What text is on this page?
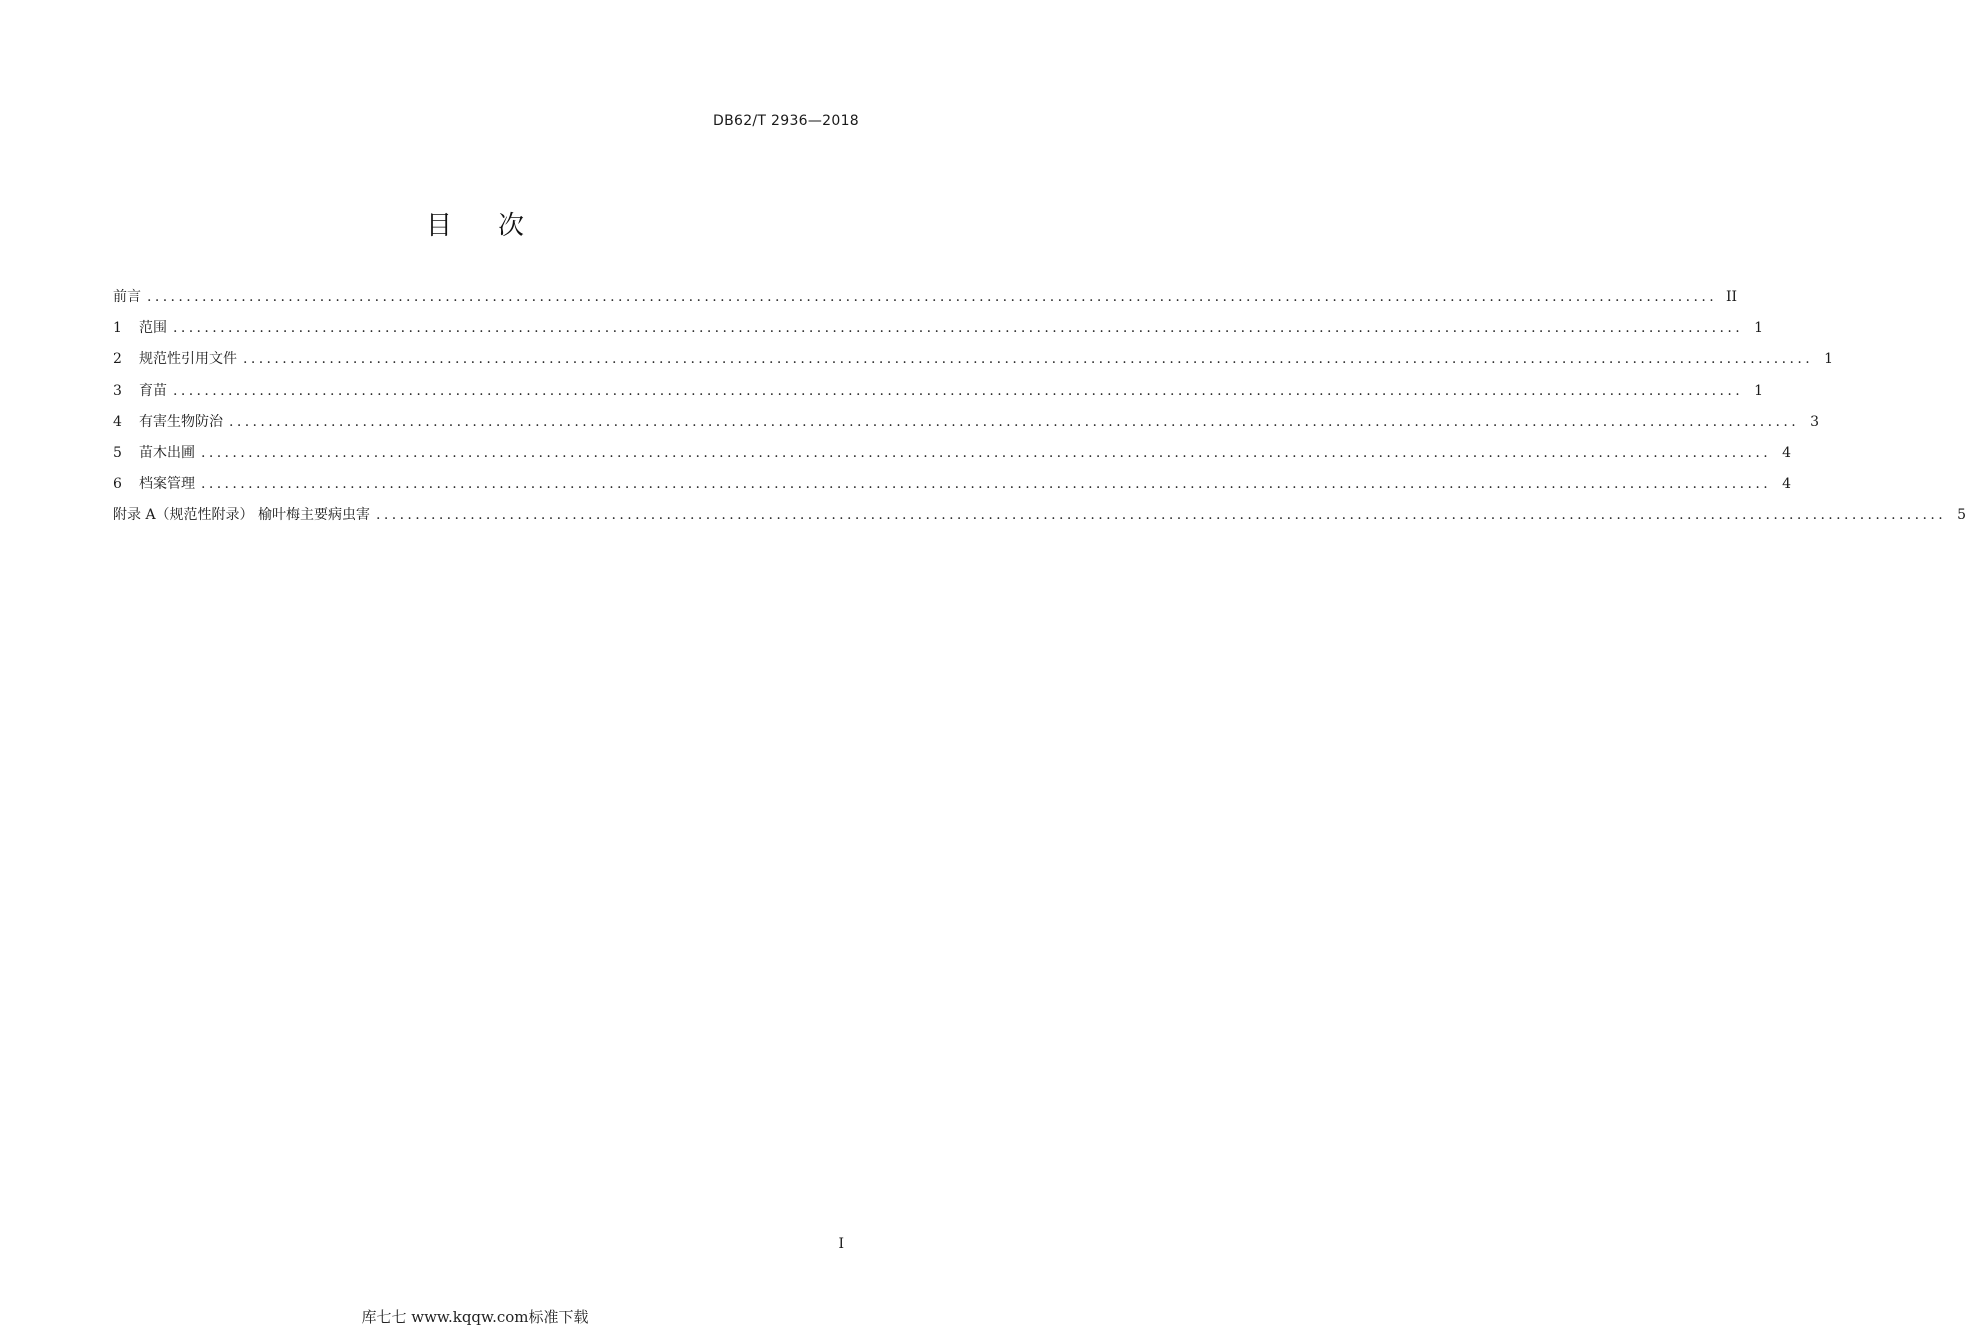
DB62/T 2936—2018
目次
前言 ........................................................................................................................................................................................................ II
1	范围 ........................................................................................................................................................................................................ 1
2	规范性引用文件 ........................................................................................................................................................................................................ 1
3	育苗 ........................................................................................................................................................................................................ 1
4	有害生物防治 ........................................................................................................................................................................................................ 3
5	苗木出圃 ........................................................................................................................................................................................................ 4
6	档案管理 ........................................................................................................................................................................................................ 4
附录 A（规范性附录） 榆叶梅主要病虫害 ........................................................................................................................................................................................................ 5
I
库七七 www.kqqw.com标准下载
